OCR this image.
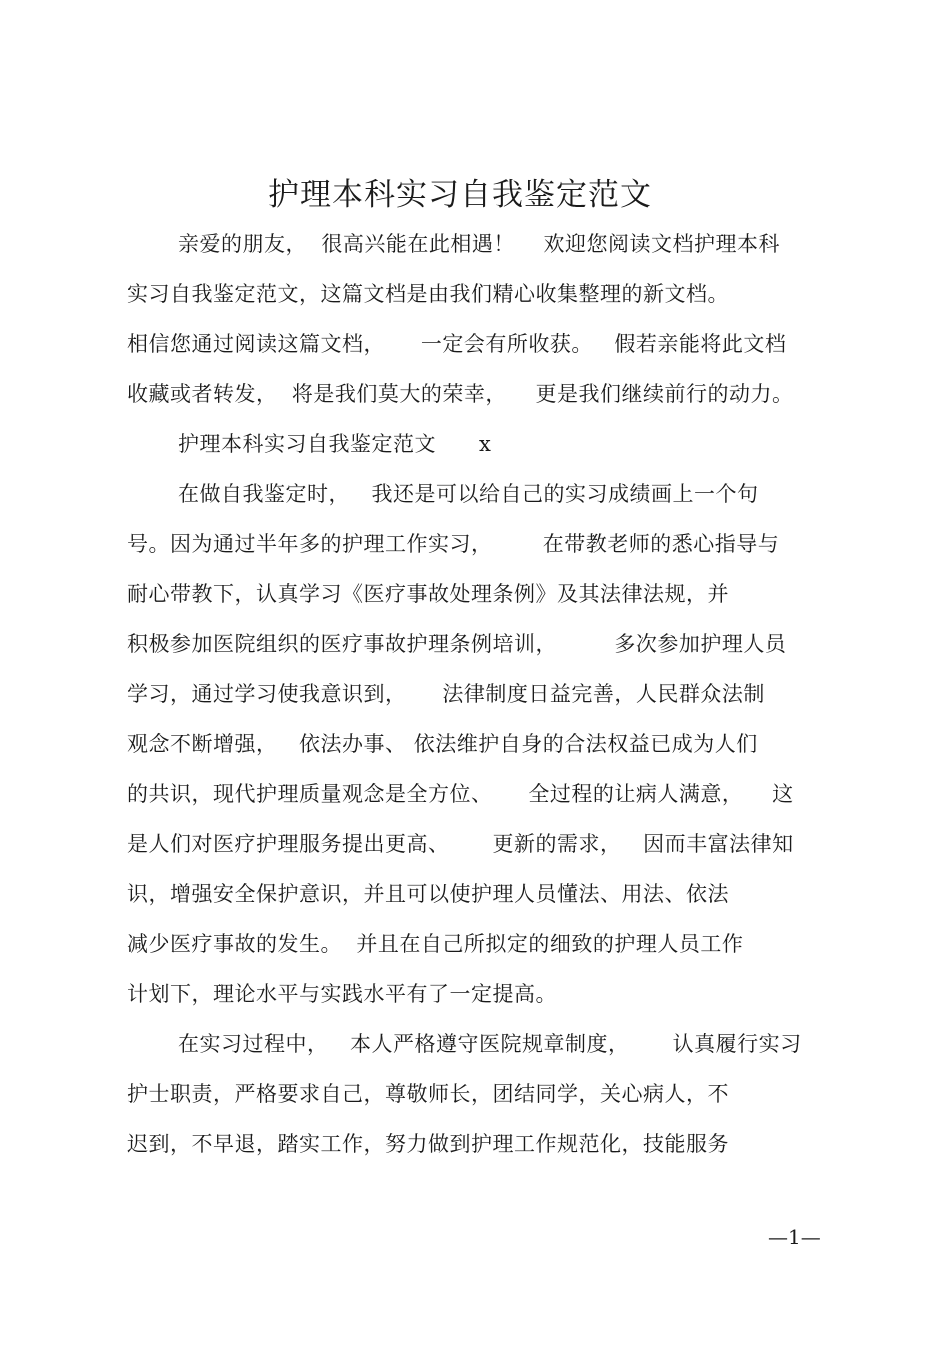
护理本科实习自我鉴定范文
亲爱的朋友，  很高兴能在此相遇！    欢迎您阅读文档护理本科
实习自我鉴定范文，这篇文档是由我们精心收集整理的新文档。
相信您通过阅读这篇文档，     一定会有所收获。   假若亲能将此文档
收藏或者转发，  将是我们莫大的荣幸，    更是我们继续前行的动力。
护理本科实习自我鉴定范文      x
在做自我鉴定时，   我还是可以给自己的实习成绩画上一个句
号。因为通过半年多的护理工作实习，       在带教老师的悉心指导与
耐心带教下，认真学习《医疗事故处理条例》及其法律法规，并
积极参加医院组织的医疗事故护理条例培训，        多次参加护理人员
学习，通过学习使我意识到，     法律制度日益完善，人民群众法制
观念不断增强，   依法办事、 依法维护自身的合法权益已成为人们
的共识，现代护理质量观念是全方位、     全过程的让病人满意，    这
是人们对医疗护理服务提出更高、      更新的需求，   因而丰富法律知
识，增强安全保护意识，并且可以使护理人员懂法、用法、依法
减少医疗事故的发生。  并且在自己所拟定的细致的护理人员工作
计划下，理论水平与实践水平有了一定提高。
在实习过程中，   本人严格遵守医院规章制度，      认真履行实习
护士职责，严格要求自己，尊敬师长，团结同学，关心病人，不
迟到，不早退，踏实工作，努力做到护理工作规范化，技能服务
—1—
